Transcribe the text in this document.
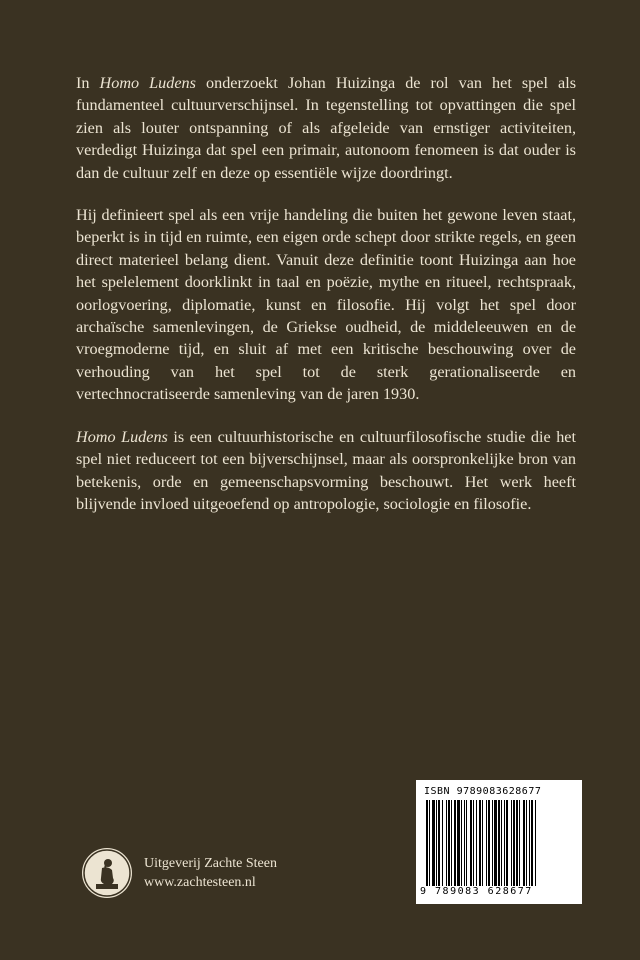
In Homo Ludens onderzoekt Johan Huizinga de rol van het spel als fundamenteel cultuurverschijnsel. In tegenstelling tot opvattingen die spel zien als louter ontspanning of als afgeleide van ernstiger activiteiten, verdedigt Huizinga dat spel een primair, autonoom fenomeen is dat ouder is dan de cultuur zelf en deze op essentiële wijze doordringt.

Hij definieert spel als een vrije handeling die buiten het gewone leven staat, beperkt is in tijd en ruimte, een eigen orde schept door strikte regels, en geen direct materieel belang dient. Vanuit deze definitie toont Huizinga aan hoe het spelelement doorklinkt in taal en poëzie, mythe en ritueel, rechtspraak, oorlogvoering, diplomatie, kunst en filosofie. Hij volgt het spel door archaïsche samenlevingen, de Griekse oudheid, de middeleeuwen en de vroegmoderne tijd, en sluit af met een kritische beschouwing over de verhouding van het spel tot de sterk gerationaliseerde en vertechnocratiseerde samenleving van de jaren 1930.

Homo Ludens is een cultuurhistorische en cultuurfilosofische studie die het spel niet reduceert tot een bijverschijnsel, maar als oorspronkelijke bron van betekenis, orde en gemeenschapsvorming beschouwt. Het werk heeft blijvende invloed uitgeoefend op antropologie, sociologie en filosofie.

Uitgeverij Zachte Steen
www.zachtesteen.nl
ISBN 9789083628677
9 789083 628677
